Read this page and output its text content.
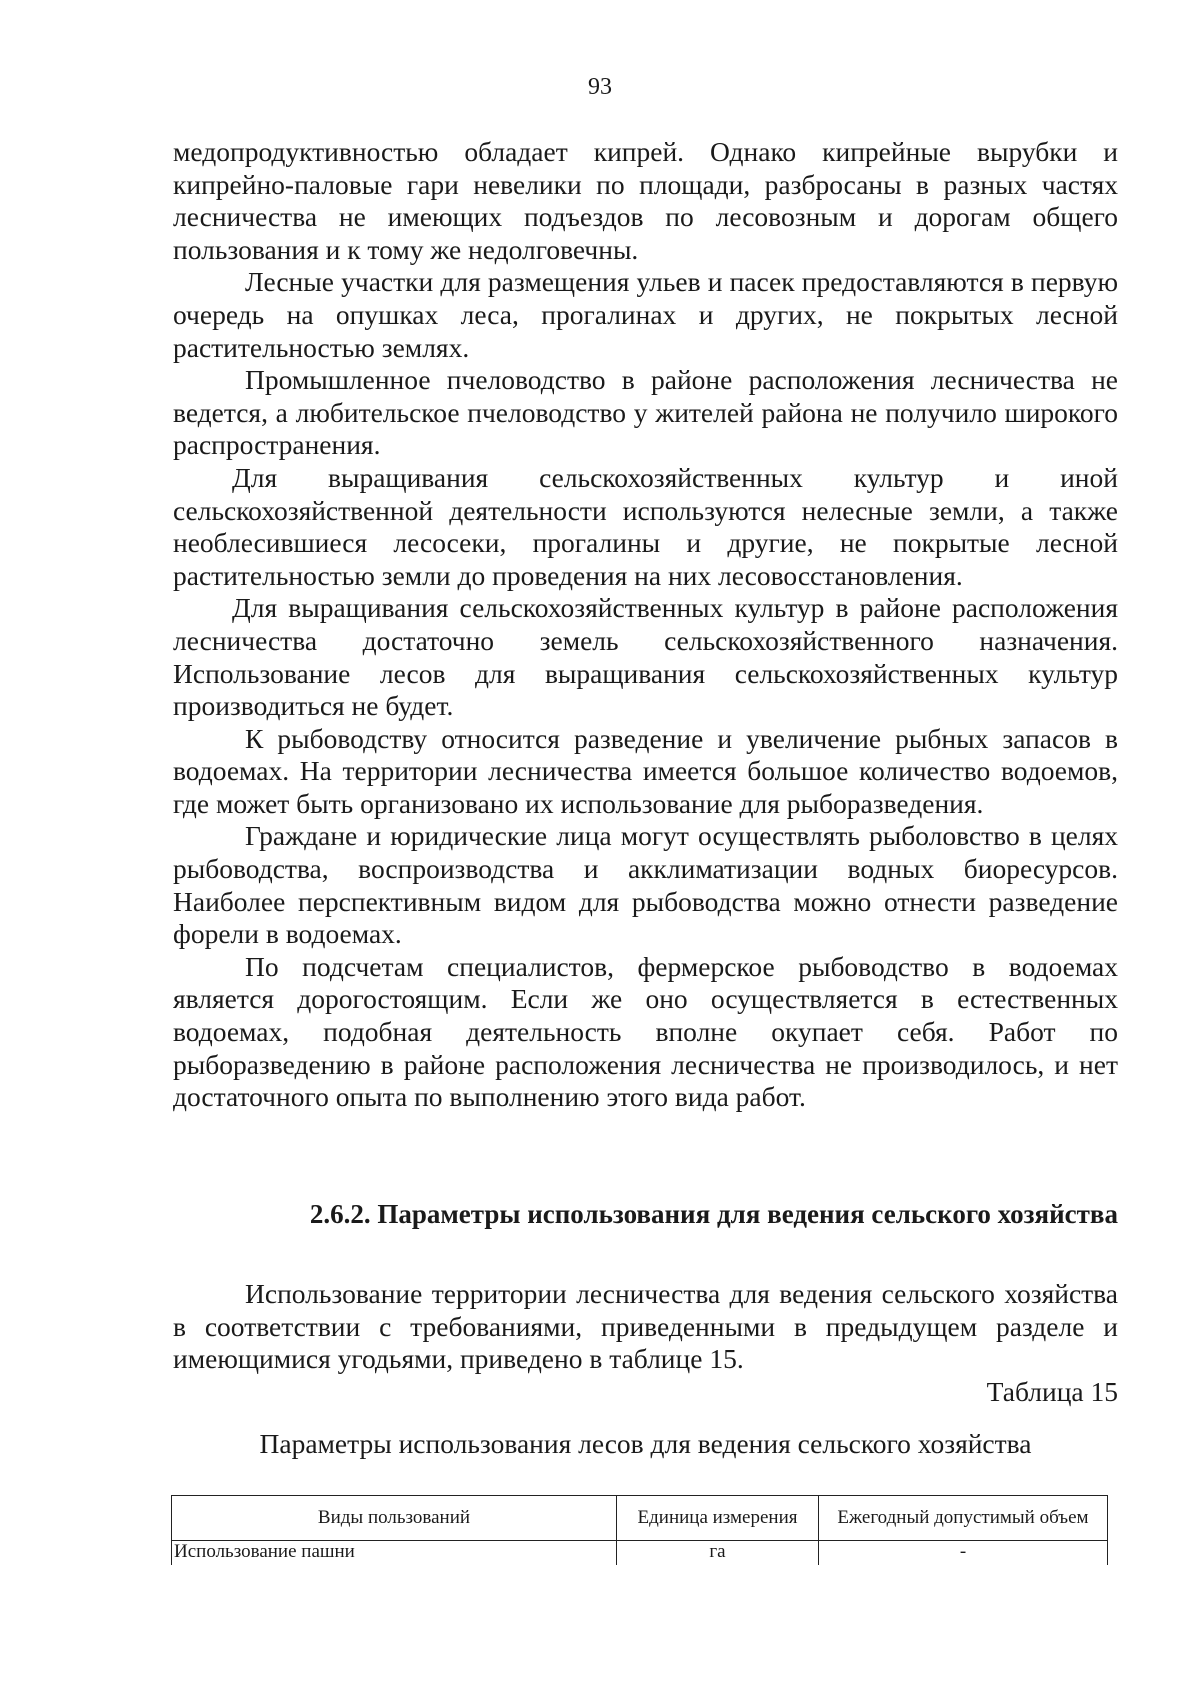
93

медопродуктивностью обладает кипрей. Однако кипрейные вырубки и кипрейно-паловые гари невелики по площади, разбросаны в разных частях лесничества не имеющих подъездов по лесовозным и дорогам общего пользования и к тому же недолговечны.

Лесные участки для размещения ульев и пасек предоставляются в первую очередь на опушках леса, прогалинах и других, не покрытых лесной растительностью землях.

Промышленное пчеловодство в районе расположения лесничества не ведется, а любительское пчеловодство у жителей района не получило широкого распространения.

Для выращивания сельскохозяйственных культур и иной сельскохозяйственной деятельности используются нелесные земли, а также необлесившиеся лесосеки, прогалины и другие, не покрытые лесной растительностью земли до проведения на них лесовосстановления.

Для выращивания сельскохозяйственных культур в районе расположения лесничества достаточно земель сельскохозяйственного назначения. Использование лесов для выращивания сельскохозяйственных культур производиться не будет.

К рыбоводству относится разведение и увеличение рыбных запасов в водоемах. На территории лесничества имеется большое количество водоемов, где может быть организовано их использование для рыборазведения.

Граждане и юридические лица могут осуществлять рыболовство в целях рыбоводства, воспроизводства и акклиматизации водных биоресурсов. Наиболее перспективным видом для рыбоводства можно отнести разведение форели в водоемах.

По подсчетам специалистов, фермерское рыбоводство в водоемах является дорогостоящим. Если же оно осуществляется в естественных водоемах, подобная деятельность вполне окупает себя. Работ по рыборазведению в районе расположения лесничества не производилось, и нет достаточного опыта по выполнению этого вида работ.

2.6.2. Параметры использования для ведения сельского хозяйства

Использование территории лесничества для ведения сельского хозяйства в соответствии с требованиями, приведенными в предыдущем разделе и имеющимися угодьями, приведено в таблице 15.

Таблица 15
Параметры использования лесов для ведения сельского хозяйства
Виды пользований	Единица измерения	Ежегодный допустимый объем
Использование пашни	га	-
